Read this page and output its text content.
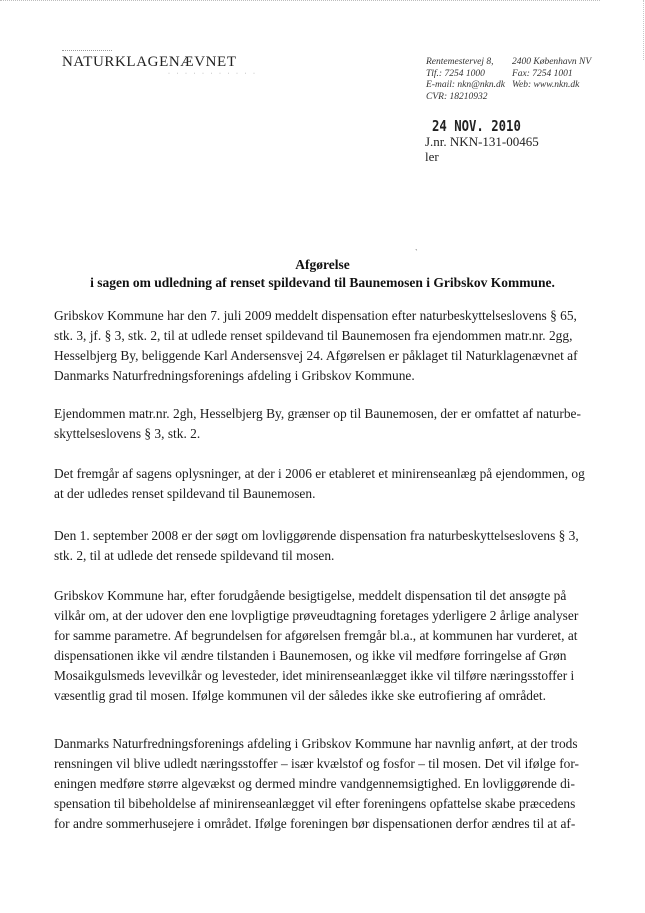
NATURKLAGENÆVNET
· · · · · · · · · · ·
Rentemestervej 8,	2400 København NV
Tlf.: 7254 1000	Fax: 7254 1001
E-mail: nkn@nkn.dk Web: www.nkn.dk
CVR: 18210932
24 NOV. 2010
J.nr. NKN-131-00465
ler
ˋ
Afgørelse
i sagen om udledning af renset spildevand til Baunemosen i Gribskov Kommune.
Gribskov Kommune har den 7. juli 2009 meddelt dispensation efter naturbeskyttelseslovens § 65,
stk. 3, jf. § 3, stk. 2, til at udlede renset spildevand til Baunemosen fra ejendommen matr.nr. 2gg,
Hesselbjerg By, beliggende Karl Andersensvej 24. Afgørelsen er påklaget til Naturklagenævnet af
Danmarks Naturfredningsforenings afdeling i Gribskov Kommune.
Ejendommen matr.nr. 2gh, Hesselbjerg By, grænser op til Baunemosen, der er omfattet af naturbe-
skyttelseslovens § 3, stk. 2.
Det fremgår af sagens oplysninger, at der i 2006 er etableret et minirenseanlæg på ejendommen, og
at der udledes renset spildevand til Baunemosen.
Den 1. september 2008 er der søgt om lovliggørende dispensation fra naturbeskyttelseslovens § 3,
stk. 2, til at udlede det rensede spildevand til mosen.
Gribskov Kommune har, efter forudgående besigtigelse, meddelt dispensation til det ansøgte på
vilkår om, at der udover den ene lovpligtige prøveudtagning foretages yderligere 2 årlige analyser
for samme parametre. Af begrundelsen for afgørelsen fremgår bl.a., at kommunen har vurderet, at
dispensationen ikke vil ændre tilstanden i Baunemosen, og ikke vil medføre forringelse af Grøn
Mosaikgulsmeds levevilkår og levesteder, idet minirenseanlægget ikke vil tilføre næringsstoffer i
væsentlig grad til mosen. Ifølge kommunen vil der således ikke ske eutrofiering af området.
Danmarks Naturfredningsforenings afdeling i Gribskov Kommune har navnlig anført, at der trods
rensningen vil blive udledt næringsstoffer – især kvælstof og fosfor – til mosen. Det vil ifølge for-
eningen medføre større algevækst og dermed mindre vandgennemsigtighed. En lovliggørende di-
spensation til bibeholdelse af minirenseanlægget vil efter foreningens opfattelse skabe præcedens
for andre sommerhusejere i området. Ifølge foreningen bør dispensationen derfor ændres til at af-
